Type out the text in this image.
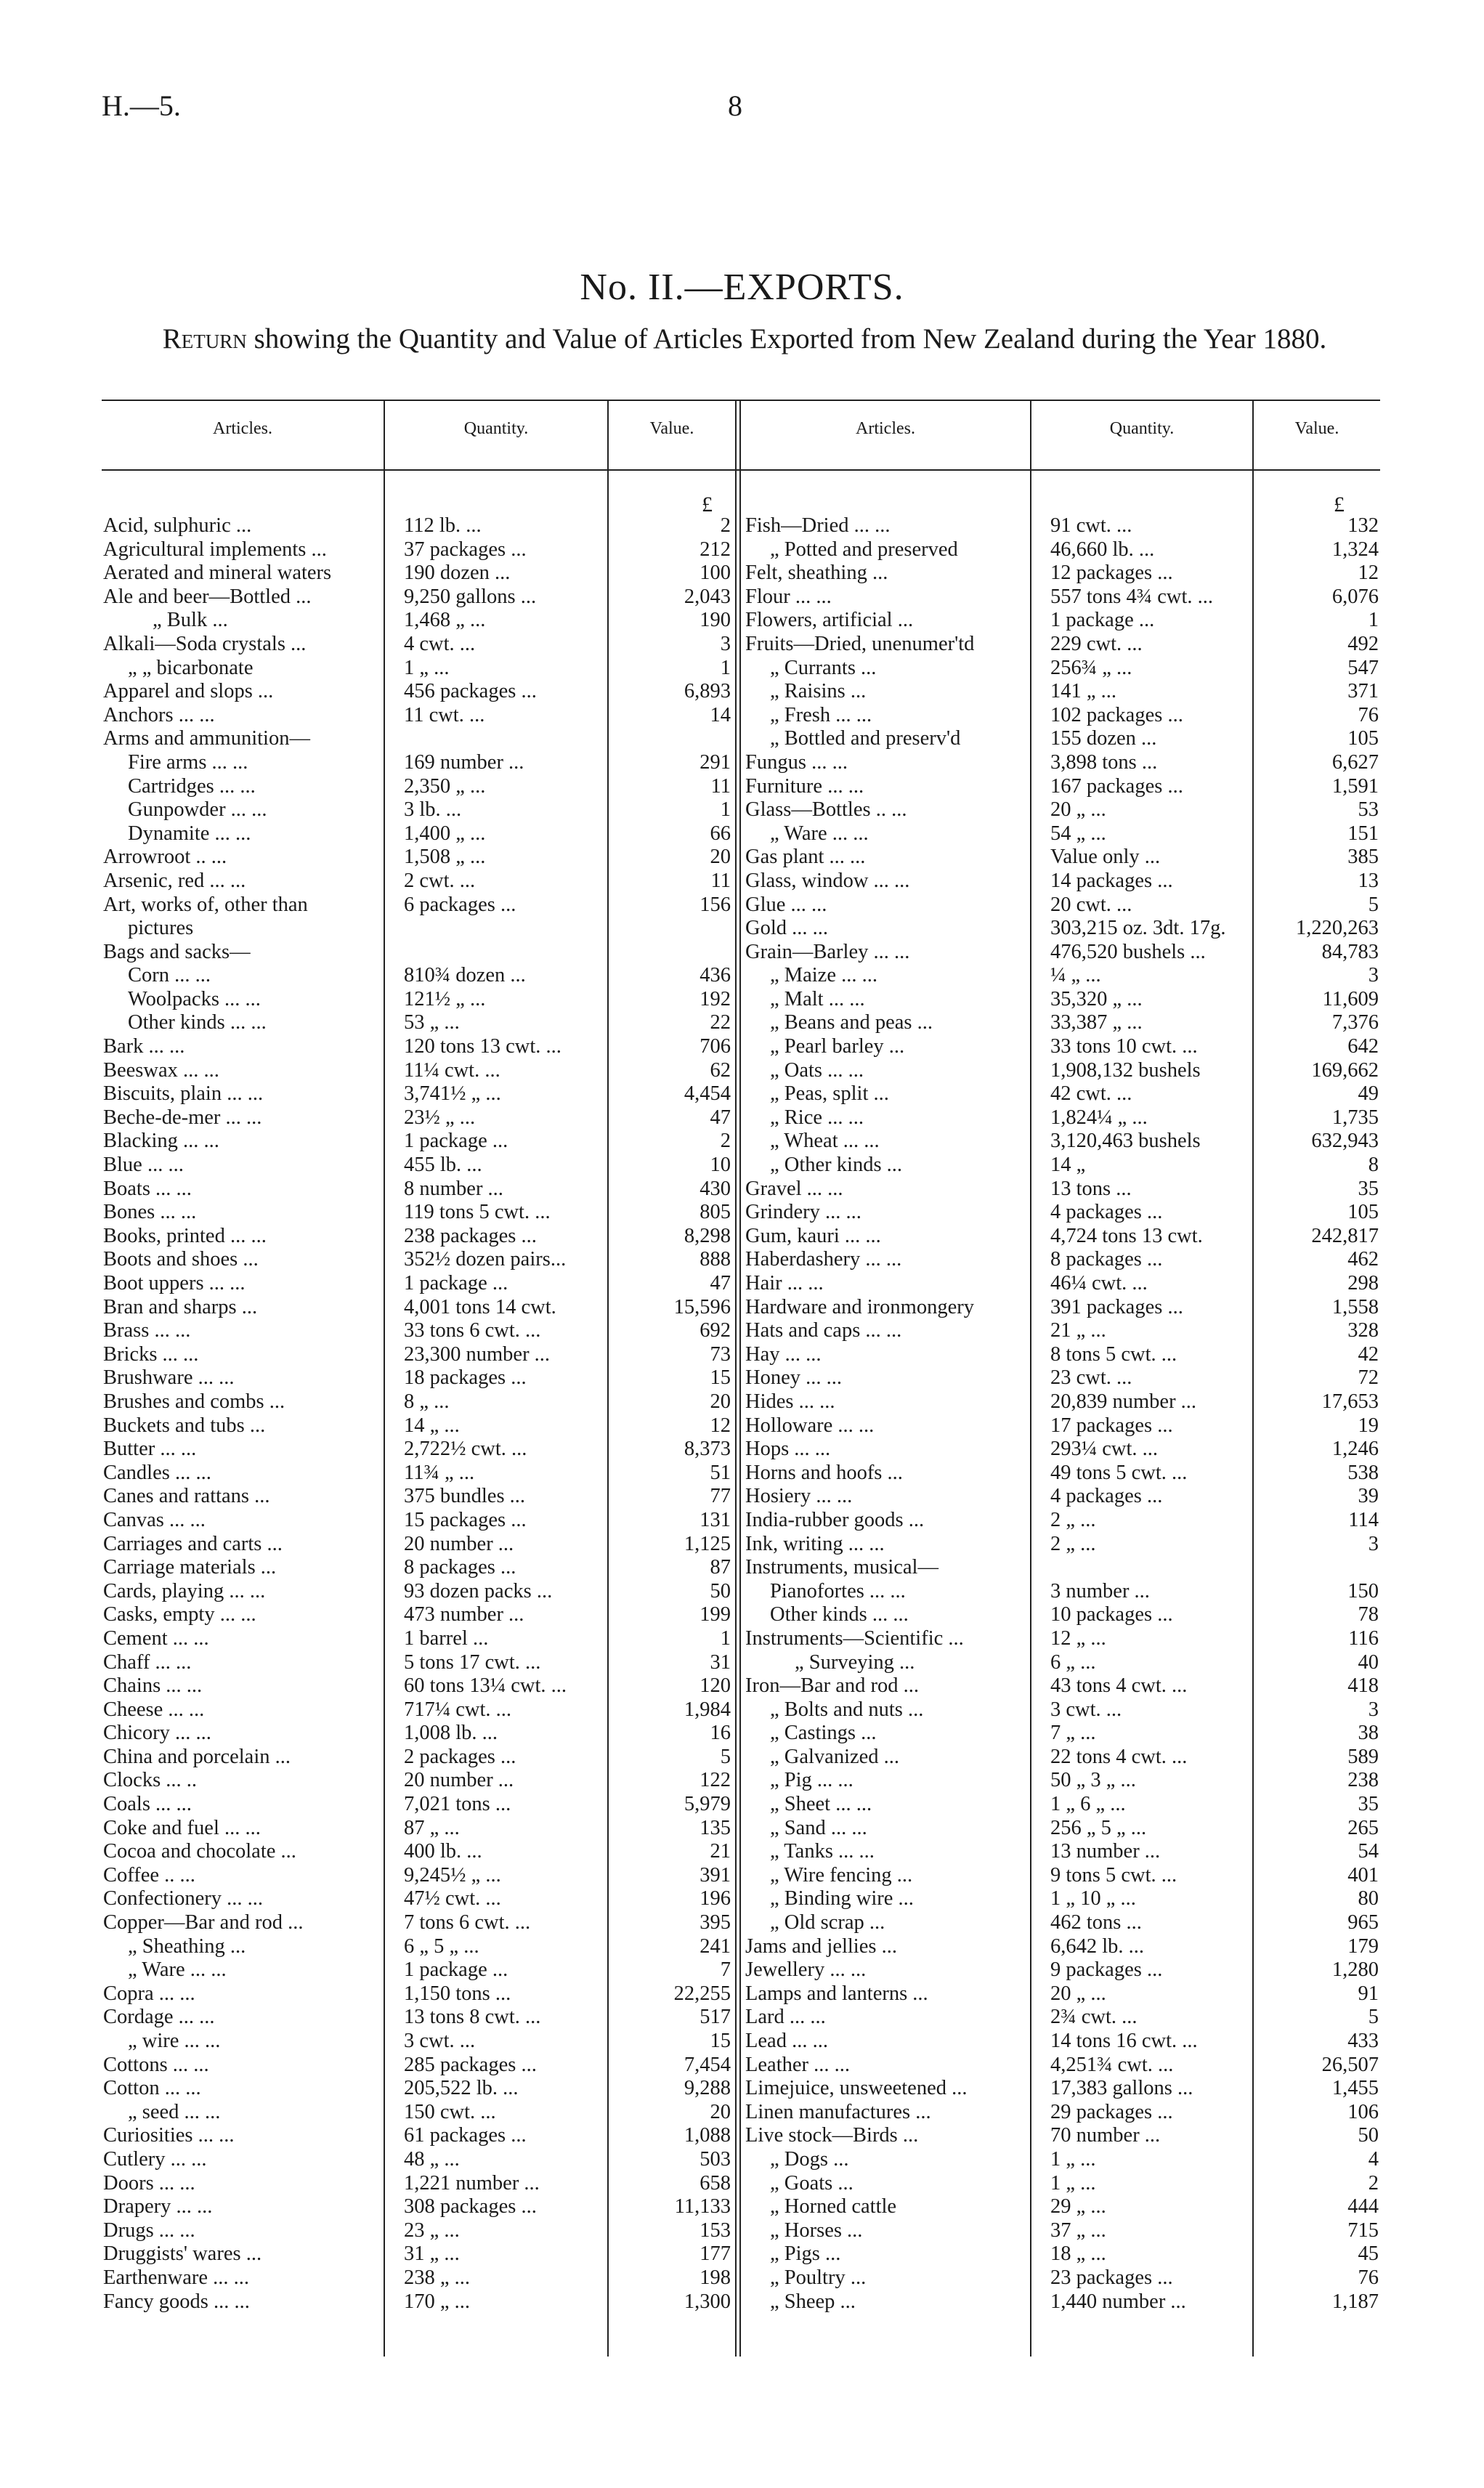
H.—5.	8
No. II.—EXPORTS.
Return showing the Quantity and Value of Articles Exported from New Zealand during the Year 1880.
Articles.	Quantity.	Value.	Articles.	Quantity.	Value.
£	£
Acid, sulphuric ...	112 lb. ...	2
Agricultural implements ...	37 packages ...	212
Aerated and mineral waters	190 dozen ...	100
Ale and beer—Bottled ...	9,250 gallons ...	2,043
„ Bulk ...	1,468 „ ...	190
Alkali—Soda crystals ...	4 cwt. ...	3
„ „ bicarbonate	1 „ ...	1
Apparel and slops ...	456 packages ...	6,893
Anchors ... ...	11 cwt. ...	14
Arms and ammunition—
Fire arms ... ...	169 number ...	291
Cartridges ... ...	2,350 „ ...	11
Gunpowder ... ...	3 lb. ...	1
Dynamite ... ...	1,400 „ ...	66
Arrowroot .. ...	1,508 „ ...	20
Arsenic, red ... ...	2 cwt. ...	11
Art, works of, other than	6 packages ...	156
pictures
Bags and sacks—
Corn ... ...	810¾ dozen ...	436
Woolpacks ... ...	121½ „ ...	192
Other kinds ... ...	53 „ ...	22
Bark ... ...	120 tons 13 cwt. ...	706
Beeswax ... ...	11¼ cwt. ...	62
Biscuits, plain ... ...	3,741½ „ ...	4,454
Beche-de-mer ... ...	23½ „ ...	47
Blacking ... ...	1 package ...	2
Blue ... ...	455 lb. ...	10
Boats ... ...	8 number ...	430
Bones ... ...	119 tons 5 cwt. ...	805
Books, printed ... ...	238 packages ...	8,298
Boots and shoes ...	352½ dozen pairs...	888
Boot uppers ... ...	1 package ...	47
Bran and sharps ...	4,001 tons 14 cwt.	15,596
Brass ... ...	33 tons 6 cwt. ...	692
Bricks ... ...	23,300 number ...	73
Brushware ... ...	18 packages ...	15
Brushes and combs ...	8 „ ...	20
Buckets and tubs ...	14 „ ...	12
Butter ... ...	2,722½ cwt. ...	8,373
Candles ... ...	11¾ „ ...	51
Canes and rattans ...	375 bundles ...	77
Canvas ... ...	15 packages ...	131
Carriages and carts ...	20 number ...	1,125
Carriage materials ...	8 packages ...	87
Cards, playing ... ...	93 dozen packs ...	50
Casks, empty ... ...	473 number ...	199
Cement ... ...	1 barrel ...	1
Chaff ... ...	5 tons 17 cwt. ...	31
Chains ... ...	60 tons 13¼ cwt. ...	120
Cheese ... ...	717¼ cwt. ...	1,984
Chicory ... ...	1,008 lb. ...	16
China and porcelain ...	2 packages ...	5
Clocks ... ..	20 number ...	122
Coals ... ...	7,021 tons ...	5,979
Coke and fuel ... ...	87 „ ...	135
Cocoa and chocolate ...	400 lb. ...	21
Coffee .. ...	9,245½ „ ...	391
Confectionery ... ...	47½ cwt. ...	196
Copper—Bar and rod ...	7 tons 6 cwt. ...	395
„ Sheathing ...	6 „ 5 „ ...	241
„ Ware ... ...	1 package ...	7
Copra ... ...	1,150 tons ...	22,255
Cordage ... ...	13 tons 8 cwt. ...	517
„ wire ... ...	3 cwt. ...	15
Cottons ... ...	285 packages ...	7,454
Cotton ... ...	205,522 lb. ...	9,288
„ seed ... ...	150 cwt. ...	20
Curiosities ... ...	61 packages ...	1,088
Cutlery ... ...	48 „ ...	503
Doors ... ...	1,221 number ...	658
Drapery ... ...	308 packages ...	11,133
Drugs ... ...	23 „ ...	153
Druggists' wares ...	31 „ ...	177
Earthenware ... ...	238 „ ...	198
Fancy goods ... ...	170 „ ...	1,300
Fish—Dried ... ...	91 cwt. ...	132
„ Potted and preserved	46,660 lb. ...	1,324
Felt, sheathing ...	12 packages ...	12
Flour ... ...	557 tons 4¾ cwt. ...	6,076
Flowers, artificial ...	1 package ...	1
Fruits—Dried, unenumer'td	229 cwt. ...	492
„ Currants ...	256¾ „ ...	547
„ Raisins ...	141 „ ...	371
„ Fresh ... ...	102 packages ...	76
„ Bottled and preserv'd	155 dozen ...	105
Fungus ... ...	3,898 tons ...	6,627
Furniture ... ...	167 packages ...	1,591
Glass—Bottles .. ...	20 „ ...	53
„ Ware ... ...	54 „ ...	151
Gas plant ... ...	Value only ...	385
Glass, window ... ...	14 packages ...	13
Glue ... ...	20 cwt. ...	5
Gold ... ...	303,215 oz. 3dt. 17g.	1,220,263
Grain—Barley ... ...	476,520 bushels ...	84,783
„ Maize ... ...	¼ „ ...	3
„ Malt ... ...	35,320 „ ...	11,609
„ Beans and peas ...	33,387 „ ...	7,376
„ Pearl barley ...	33 tons 10 cwt. ...	642
„ Oats ... ...	1,908,132 bushels	169,662
„ Peas, split ...	42 cwt. ...	49
„ Rice ... ...	1,824¼ „ ...	1,735
„ Wheat ... ...	3,120,463 bushels	632,943
„ Other kinds ...	14 „	8
Gravel ... ...	13 tons ...	35
Grindery ... ...	4 packages ...	105
Gum, kauri ... ...	4,724 tons 13 cwt.	242,817
Haberdashery ... ...	8 packages ...	462
Hair ... ...	46¼ cwt. ...	298
Hardware and ironmongery	391 packages ...	1,558
Hats and caps ... ...	21 „ ...	328
Hay ... ...	8 tons 5 cwt. ...	42
Honey ... ...	23 cwt. ...	72
Hides ... ...	20,839 number ...	17,653
Holloware ... ...	17 packages ...	19
Hops ... ...	293¼ cwt. ...	1,246
Horns and hoofs ...	49 tons 5 cwt. ...	538
Hosiery ... ...	4 packages ...	39
India-rubber goods ...	2 „ ...	114
Ink, writing ... ...	2 „ ...	3
Instruments, musical—
Pianofortes ... ...	3 number ...	150
Other kinds ... ...	10 packages ...	78
Instruments—Scientific ...	12 „ ...	116
„ Surveying ...	6 „ ...	40
Iron—Bar and rod ...	43 tons 4 cwt. ...	418
„ Bolts and nuts ...	3 cwt. ...	3
„ Castings ...	7 „ ...	38
„ Galvanized ...	22 tons 4 cwt. ...	589
„ Pig ... ...	50 „ 3 „ ...	238
„ Sheet ... ...	1 „ 6 „ ...	35
„ Sand ... ...	256 „ 5 „ ...	265
„ Tanks ... ...	13 number ...	54
„ Wire fencing ...	9 tons 5 cwt. ...	401
„ Binding wire ...	1 „ 10 „ ...	80
„ Old scrap ...	462 tons ...	965
Jams and jellies ...	6,642 lb. ...	179
Jewellery ... ...	9 packages ...	1,280
Lamps and lanterns ...	20 „ ...	91
Lard ... ...	2¾ cwt. ...	5
Lead ... ...	14 tons 16 cwt. ...	433
Leather ... ...	4,251¾ cwt. ...	26,507
Limejuice, unsweetened ...	17,383 gallons ...	1,455
Linen manufactures ...	29 packages ...	106
Live stock—Birds ...	70 number ...	50
„ Dogs ...	1 „ ...	4
„ Goats ...	1 „ ...	2
„ Horned cattle	29 „ ...	444
„ Horses ...	37 „ ...	715
„ Pigs ...	18 „ ...	45
„ Poultry ...	23 packages ...	76
„ Sheep ...	1,440 number ...	1,187
